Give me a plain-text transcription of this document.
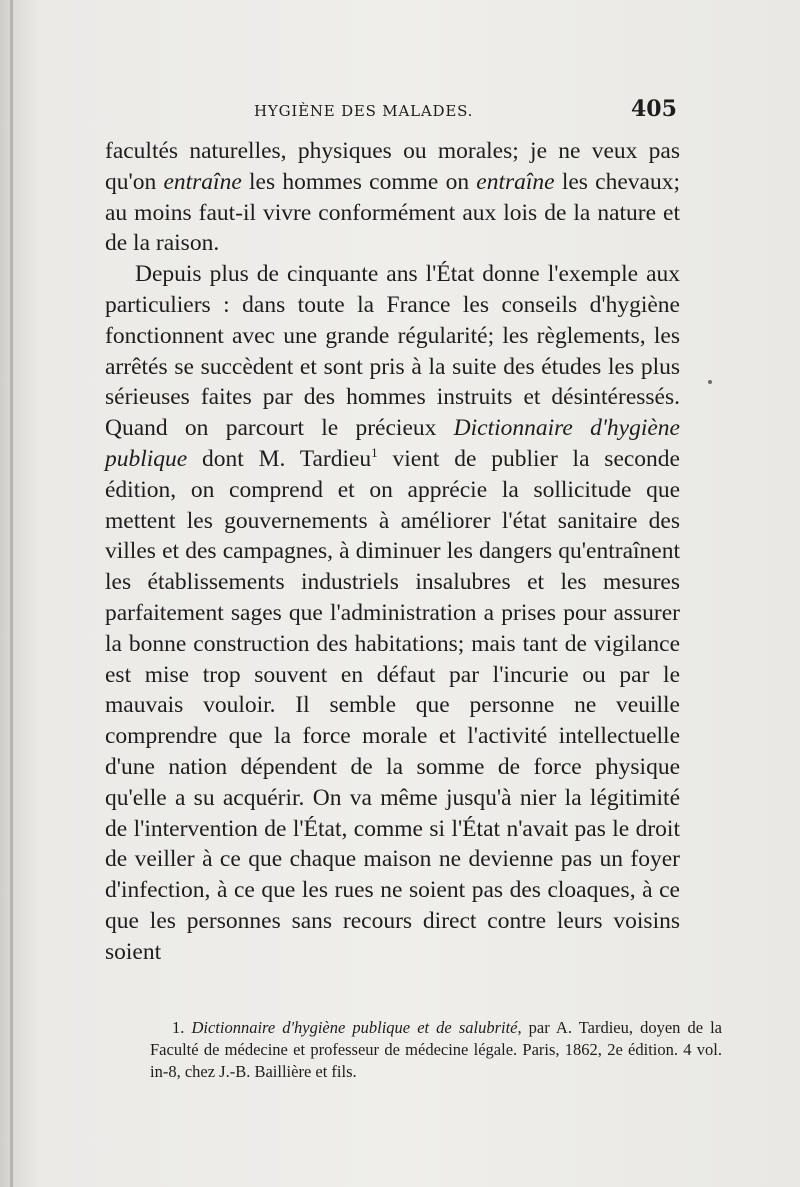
HYGIÈNE DES MALADES.	405

facultés naturelles, physiques ou morales; je ne veux pas qu'on entraîne les hommes comme on entraîne les chevaux; au moins faut-il vivre conformément aux lois de la nature et de la raison.

Depuis plus de cinquante ans l'État donne l'exemple aux particuliers : dans toute la France les conseils d'hygiène fonctionnent avec une grande régularité; les règlements, les arrêtés se succèdent et sont pris à la suite des études les plus sérieuses faites par des hommes instruits et désintéressés. Quand on parcourt le précieux Dictionnaire d'hygiène publique dont M. Tardieu$^1$ vient de publier la seconde édition, on comprend et on apprécie la sollicitude que mettent les gouvernements à améliorer l'état sanitaire des villes et des campagnes, à diminuer les dangers qu'entraînent les établissements industriels insalubres et les mesures parfaitement sages que l'administration a prises pour assurer la bonne construction des habitations; mais tant de vigilance est mise trop souvent en défaut par l'incurie ou par le mauvais vouloir. Il semble que personne ne veuille comprendre que la force morale et l'activité intellectuelle d'une nation dépendent de la somme de force physique qu'elle a su acquérir. On va même jusqu'à nier la légitimité de l'intervention de l'État, comme si l'État n'avait pas le droit de veiller à ce que chaque maison ne devienne pas un foyer d'infection, à ce que les rues ne soient pas des cloaques, à ce que les personnes sans recours direct contre leurs voisins soient

1. Dictionnaire d'hygiène publique et de salubrité, par A. Tardieu, doyen de la Faculté de médecine et professeur de médecine légale. Paris, 1862, 2e édition. 4 vol. in-8, chez J.-B. Baillière et fils.
